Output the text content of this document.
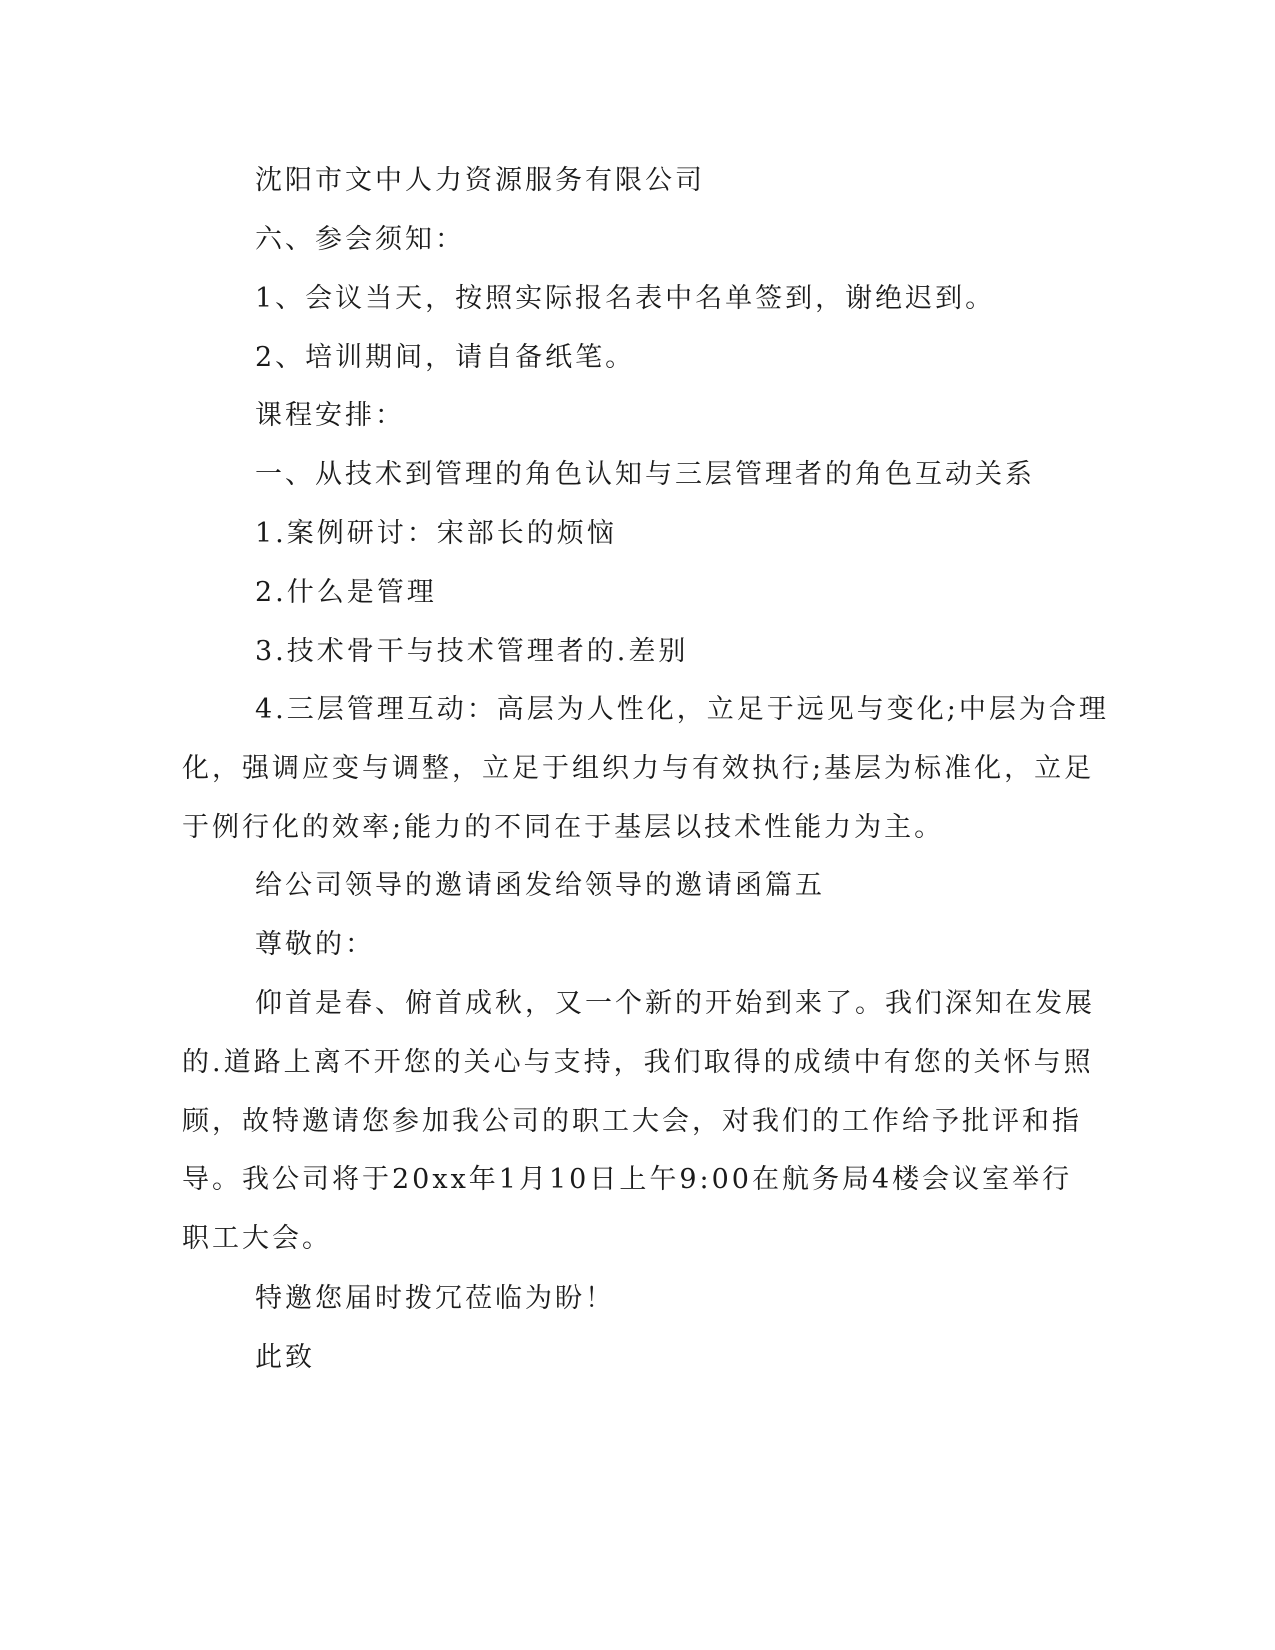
沈阳市文中人力资源服务有限公司
六、参会须知：
1、会议当天，按照实际报名表中名单签到，谢绝迟到。
2、培训期间，请自备纸笔。
课程安排：
一、从技术到管理的角色认知与三层管理者的角色互动关系
1.案例研讨：宋部长的烦恼
2.什么是管理
3.技术骨干与技术管理者的.差别
4.三层管理互动：高层为人性化，立足于远见与变化;中层为合理
化，强调应变与调整，立足于组织力与有效执行;基层为标准化，立足
于例行化的效率;能力的不同在于基层以技术性能力为主。
给公司领导的邀请函发给领导的邀请函篇五
尊敬的：
仰首是春、俯首成秋，又一个新的开始到来了。我们深知在发展
的.道路上离不开您的关心与支持，我们取得的成绩中有您的关怀与照
顾，故特邀请您参加我公司的职工大会，对我们的工作给予批评和指
导。我公司将于20xx年1月10日上午9:00在航务局4楼会议室举行
职工大会。
特邀您届时拨冗莅临为盼！
此致
